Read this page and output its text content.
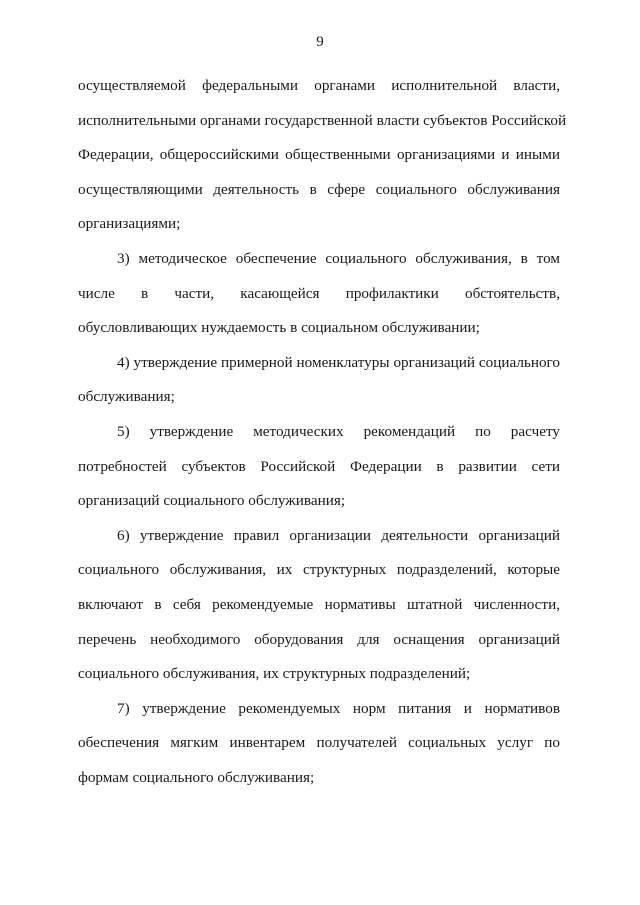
9
осуществляемой федеральными органами исполнительной власти,
исполнительными органами государственной власти субъектов Российской
Федерации, общероссийскими общественными организациями и иными
осуществляющими деятельность в сфере социального обслуживания
организациями;
3) методическое обеспечение социального обслуживания, в том
числе в части, касающейся профилактики обстоятельств,
обусловливающих нуждаемость в социальном обслуживании;
4) утверждение примерной номенклатуры организаций социального
обслуживания;
5) утверждение методических рекомендаций по расчету
потребностей субъектов Российской Федерации в развитии сети
организаций социального обслуживания;
6) утверждение правил организации деятельности организаций
социального обслуживания, их структурных подразделений, которые
включают в себя рекомендуемые нормативы штатной численности,
перечень необходимого оборудования для оснащения организаций
социального обслуживания, их структурных подразделений;
7) утверждение рекомендуемых норм питания и нормативов
обеспечения мягким инвентарем получателей социальных услуг по
формам социального обслуживания;
